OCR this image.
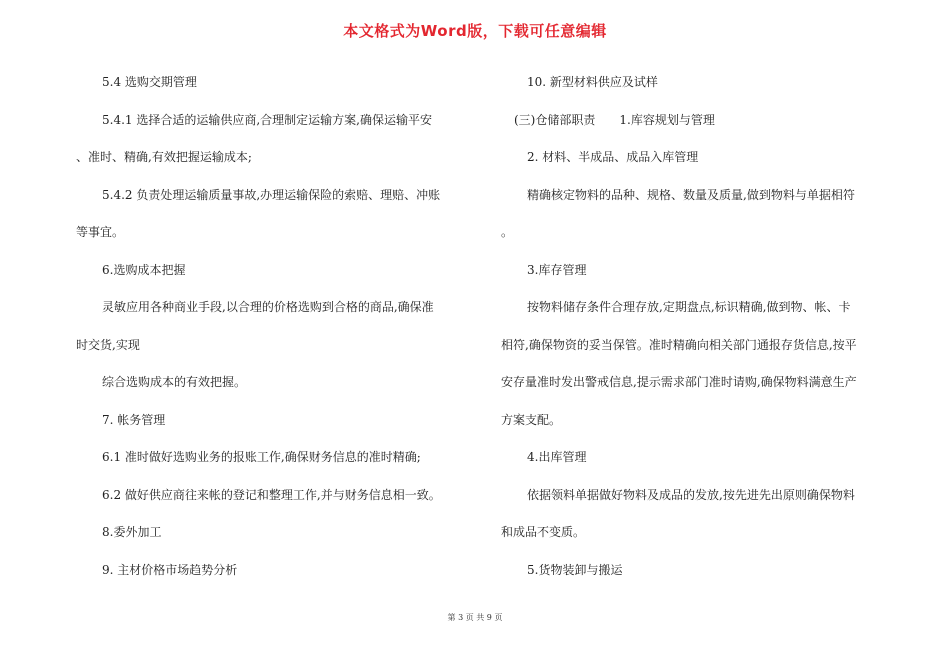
本文格式为Word版，下载可任意编辑
5.4 选购交期管理
5.4.1 选择合适的运输供应商,合理制定运输方案,确保运输平安
、准时、精确,有效把握运输成本;
5.4.2 负责处理运输质量事故,办理运输保险的索赔、理赔、冲账
等事宜。
6.选购成本把握
灵敏应用各种商业手段,以合理的价格选购到合格的商品,确保准
时交货,实现
综合选购成本的有效把握。
7. 帐务管理
6.1 准时做好选购业务的报账工作,确保财务信息的准时精确;
6.2 做好供应商往来帐的登记和整理工作,并与财务信息相一致。
8.委外加工
9. 主材价格市场趋势分析
10. 新型材料供应及试样
(三)仓储部职责　　1.库容规划与管理
2. 材料、半成品、成品入库管理
精确核定物料的品种、规格、数量及质量,做到物料与单据相符
。
3.库存管理
按物料储存条件合理存放,定期盘点,标识精确,做到物、帐、卡
相符,确保物资的妥当保管。准时精确向相关部门通报存货信息,按平
安存量准时发出警戒信息,提示需求部门准时请购,确保物料满意生产
方案支配。
4.出库管理
依据领料单据做好物料及成品的发放,按先进先出原则确保物料
和成品不变质。
5.货物装卸与搬运
第 3 页 共 9 页
